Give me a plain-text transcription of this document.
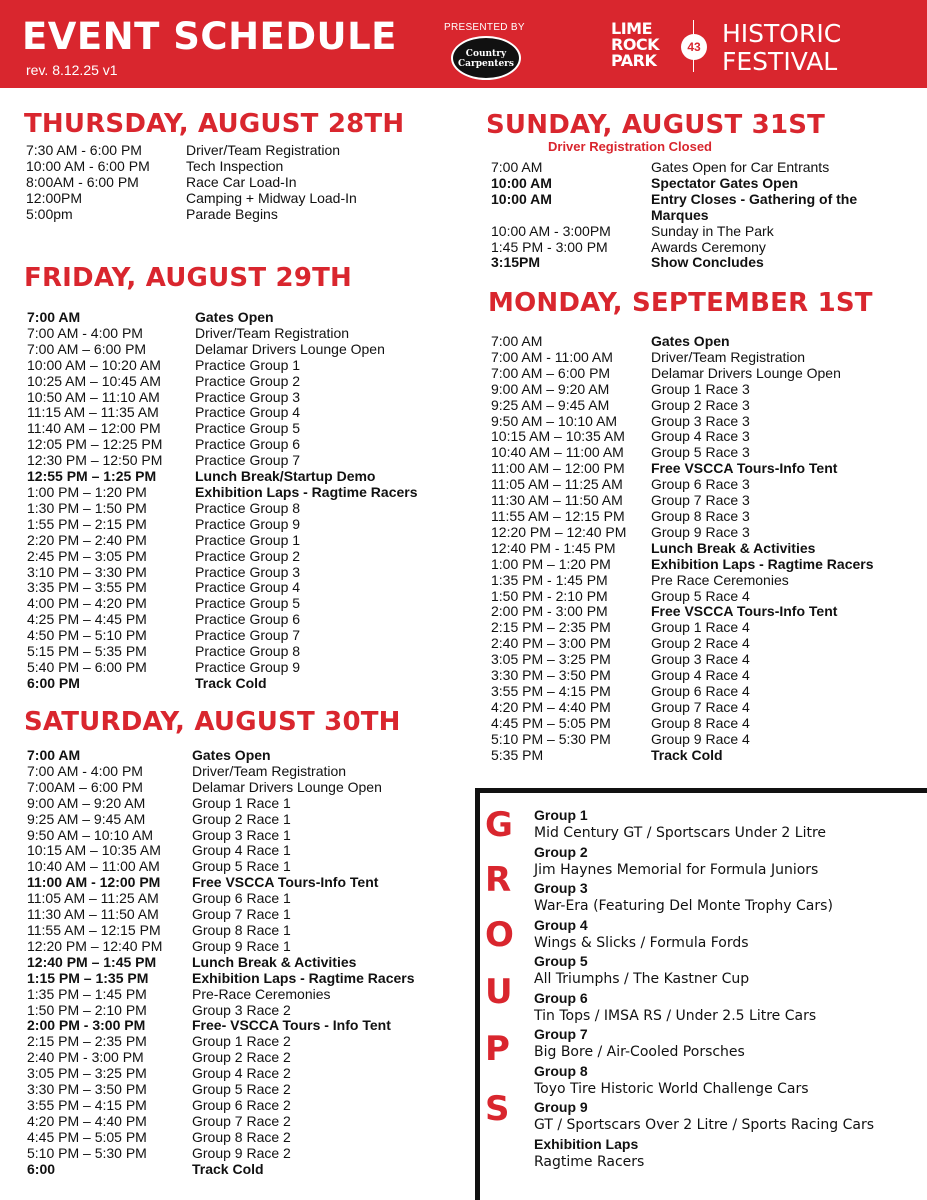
EVENT SCHEDULE
rev. 8.12.25 v1
PRESENTED BY
Country Carpenters
LIME
ROCK
PARK
43 HISTORIC
FESTIVAL
THURSDAY, AUGUST 28TH
7:30 AM - 6:00 PM	Driver/Team Registration
10:00 AM - 6:00 PM	Tech Inspection
8:00AM - 6:00 PM	Race Car Load-In
12:00PM	Camping + Midway Load-In
5:00pm	Parade Begins
FRIDAY, AUGUST 29TH
7:00 AM	Gates Open
7:00 AM - 4:00 PM	Driver/Team Registration
7:00 AM – 6:00 PM	Delamar Drivers Lounge Open
10:00 AM – 10:20 AM Practice Group 1
10:25 AM – 10:45 AM Practice Group 2
10:50 AM – 11:10 AM	Practice Group 3
11:15 AM – 11:35 AM	Practice Group 4
11:40 AM – 12:00 PM Practice Group 5
12:05 PM – 12:25 PM Practice Group 6
12:30 PM – 12:50 PM Practice Group 7
12:55 PM – 1:25 PM	Lunch Break/Startup Demo
1:00 PM – 1:20 PM	Exhibition Laps - Ragtime Racers
1:30 PM – 1:50 PM	Practice Group 8
1:55 PM – 2:15 PM	Practice Group 9
2:20 PM – 2:40 PM	Practice Group 1
2:45 PM – 3:05 PM	Practice Group 2
3:10 PM – 3:30 PM	Practice Group 3
3:35 PM – 3:55 PM	Practice Group 4
4:00 PM – 4:20 PM	Practice Group 5
4:25 PM – 4:45 PM	Practice Group 6
4:50 PM – 5:10 PM	Practice Group 7
5:15 PM – 5:35 PM	Practice Group 8
5:40 PM – 6:00 PM	Practice Group 9
6:00 PM	Track Cold
SATURDAY, AUGUST 30TH
7:00 AM	Gates Open
7:00 AM - 4:00 PM	Driver/Team Registration
7:00AM – 6:00 PM	Delamar Drivers Lounge Open
9:00 AM – 9:20 AM	Group 1 Race 1
9:25 AM – 9:45 AM	Group 2 Race 1
9:50 AM – 10:10 AM	Group 3 Race 1
10:15 AM – 10:35 AM Group 4 Race 1
10:40 AM – 11:00 AM Group 5 Race 1
11:00 AM - 12:00 PM Free VSCCA Tours-Info Tent
11:05 AM – 11:25 AM Group 6 Race 1
11:30 AM – 11:50 AM Group 7 Race 1
11:55 AM – 12:15 PM Group 8 Race 1
12:20 PM – 12:40 PM Group 9 Race 1
12:40 PM – 1:45 PM	Lunch Break & Activities
1:15 PM – 1:35 PM	Exhibition Laps - Ragtime Racers
1:35 PM – 1:45 PM	Pre-Race Ceremonies
1:50 PM – 2:10 PM	Group 3 Race 2
2:00 PM - 3:00 PM	Free- VSCCA Tours - Info Tent
2:15 PM – 2:35 PM	Group 1 Race 2
2:40 PM - 3:00 PM	Group 2 Race 2
3:05 PM – 3:25 PM	Group 4 Race 2
3:30 PM – 3:50 PM	Group 5 Race 2
3:55 PM – 4:15 PM	Group 6 Race 2
4:20 PM – 4:40 PM	Group 7 Race 2
4:45 PM – 5:05 PM	Group 8 Race 2
5:10 PM – 5:30 PM	Group 9 Race 2
6:00	Track Cold
SUNDAY, AUGUST 31ST
Driver Registration Closed
7:00 AM	Gates Open for Car Entrants
10:00 AM	Spectator Gates Open
10:00 AM	Entry Closes - Gathering of the Marques
10:00 AM - 3:00PM	Sunday in The Park
1:45 PM - 3:00 PM	Awards Ceremony
3:15PM	Show Concludes
MONDAY, SEPTEMBER 1ST
7:00 AM	Gates Open
7:00 AM - 11:00 AM	Driver/Team Registration
7:00 AM – 6:00 PM	Delamar Drivers Lounge Open
9:00 AM – 9:20 AM	Group 1 Race 3
9:25 AM – 9:45 AM	Group 2 Race 3
9:50 AM – 10:10 AM Group 3 Race 3
10:15 AM – 10:35 AM Group 4 Race 3
10:40 AM – 11:00 AM Group 5 Race 3
11:00 AM – 12:00 PM Free VSCCA Tours-Info Tent
11:05 AM – 11:25 AM Group 6 Race 3
11:30 AM – 11:50 AM Group 7 Race 3
11:55 AM – 12:15 PM Group 8 Race 3
12:20 PM – 12:40 PM Group 9 Race 3
12:40 PM - 1:45 PM	Lunch Break & Activities
1:00 PM – 1:20 PM	Exhibition Laps - Ragtime Racers
1:35 PM - 1:45 PM	Pre Race Ceremonies
1:50 PM - 2:10 PM	Group 5 Race 4
2:00 PM - 3:00 PM	Free VSCCA Tours-Info Tent
2:15 PM – 2:35 PM	Group 1 Race 4
2:40 PM – 3:00 PM	Group 2 Race 4
3:05 PM – 3:25 PM	Group 3 Race 4
3:30 PM – 3:50 PM	Group 4 Race 4
3:55 PM – 4:15 PM	Group 6 Race 4
4:20 PM – 4:40 PM	Group 7 Race 4
4:45 PM – 5:05 PM	Group 8 Race 4
5:10 PM – 5:30 PM	Group 9 Race 4
5:35 PM	Track Cold
G
R
O
U
P
S
Group 1
Mid Century GT / Sportscars Under 2 Litre
Group 2
Jim Haynes Memorial for Formula Juniors
Group 3
War-Era (Featuring Del Monte Trophy Cars)
Group 4
Wings & Slicks / Formula Fords
Group 5
All Triumphs / The Kastner Cup
Group 6
Tin Tops / IMSA RS / Under 2.5 Litre Cars
Group 7
Big Bore / Air-Cooled Porsches
Group 8
Toyo Tire Historic World Challenge Cars
Group 9
GT / Sportscars Over 2 Litre / Sports Racing Cars
Exhibition Laps
Ragtime Racers
